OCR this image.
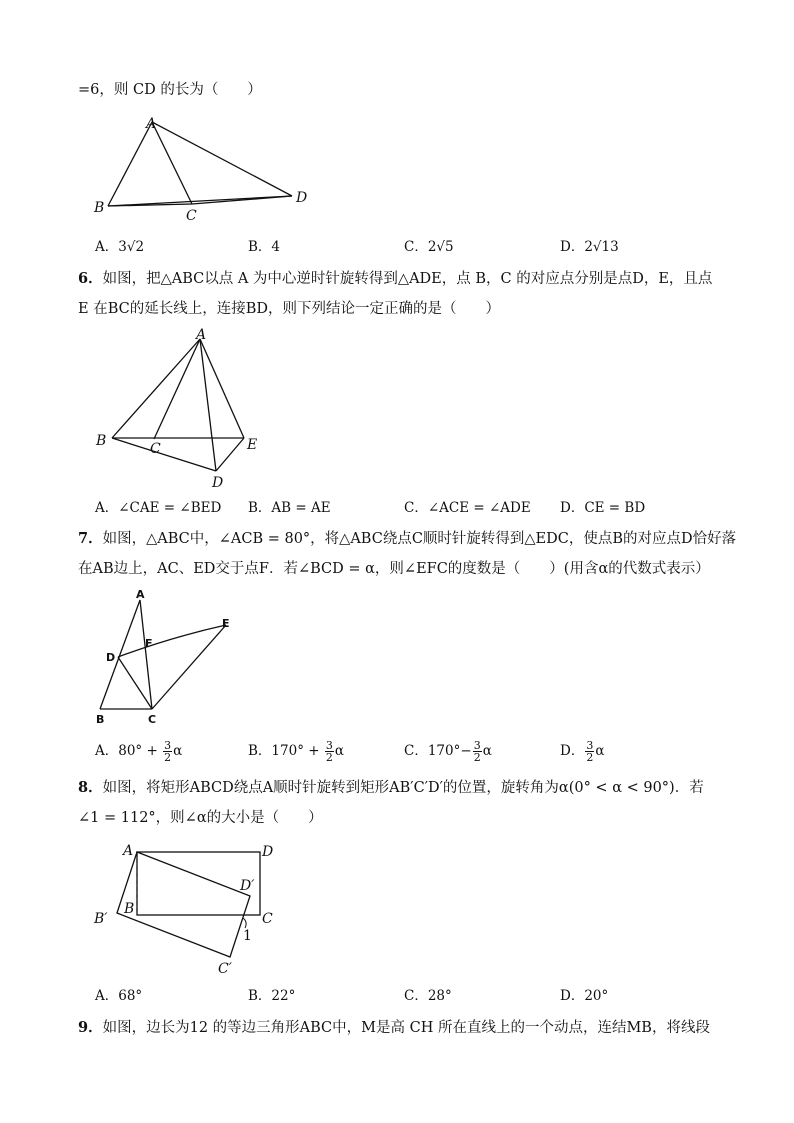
=6，则 CD 的长为（　　）
A
B	C
D
A．3√2	B．4	C．2√5	D．2√13
6．如图，把△ABC以点 A 为中心逆时针旋转得到△ADE，点 B，C 的对应点分别是点D，E，且点
E 在BC的延长线上，连接BD，则下列结论一定正确的是（　　）
A
B	C
D
E
A．∠CAE = ∠BED B．AB = AE	C．∠ACE = ∠ADE D．CE = BD
7．如图，△ABC中，∠ACB = 80°，将△ABC绕点C顺时针旋转得到△EDC，使点B的对应点D恰好落
在AB边上，AC、ED交于点F．若∠BCD = α，则∠EFC的度数是（　　）(用含α的代数式表示）
A
B	C
D
E
F
A．$80^\circ + \frac{3}{2}$ α	B．$170^\circ + \frac{3}{2}$ α	C．$170^\circ- \frac{3}{2}$ α	D． $\frac{3}{2}$ α
8．如图，将矩形ABCD绕点A顺时针旋转到矩形AB′C′D′的位置，旋转角为α(0° < α < 90°)．若
∠1 = 112°，则∠α的大小是（　　）
A
B
D
C
B′
C′
D′
1
A．68°	B．22°	C．28°	D．20°
9．如图，边长为12 的等边三角形ABC中，M是高 CH 所在直线上的一个动点，连结MB，将线段
